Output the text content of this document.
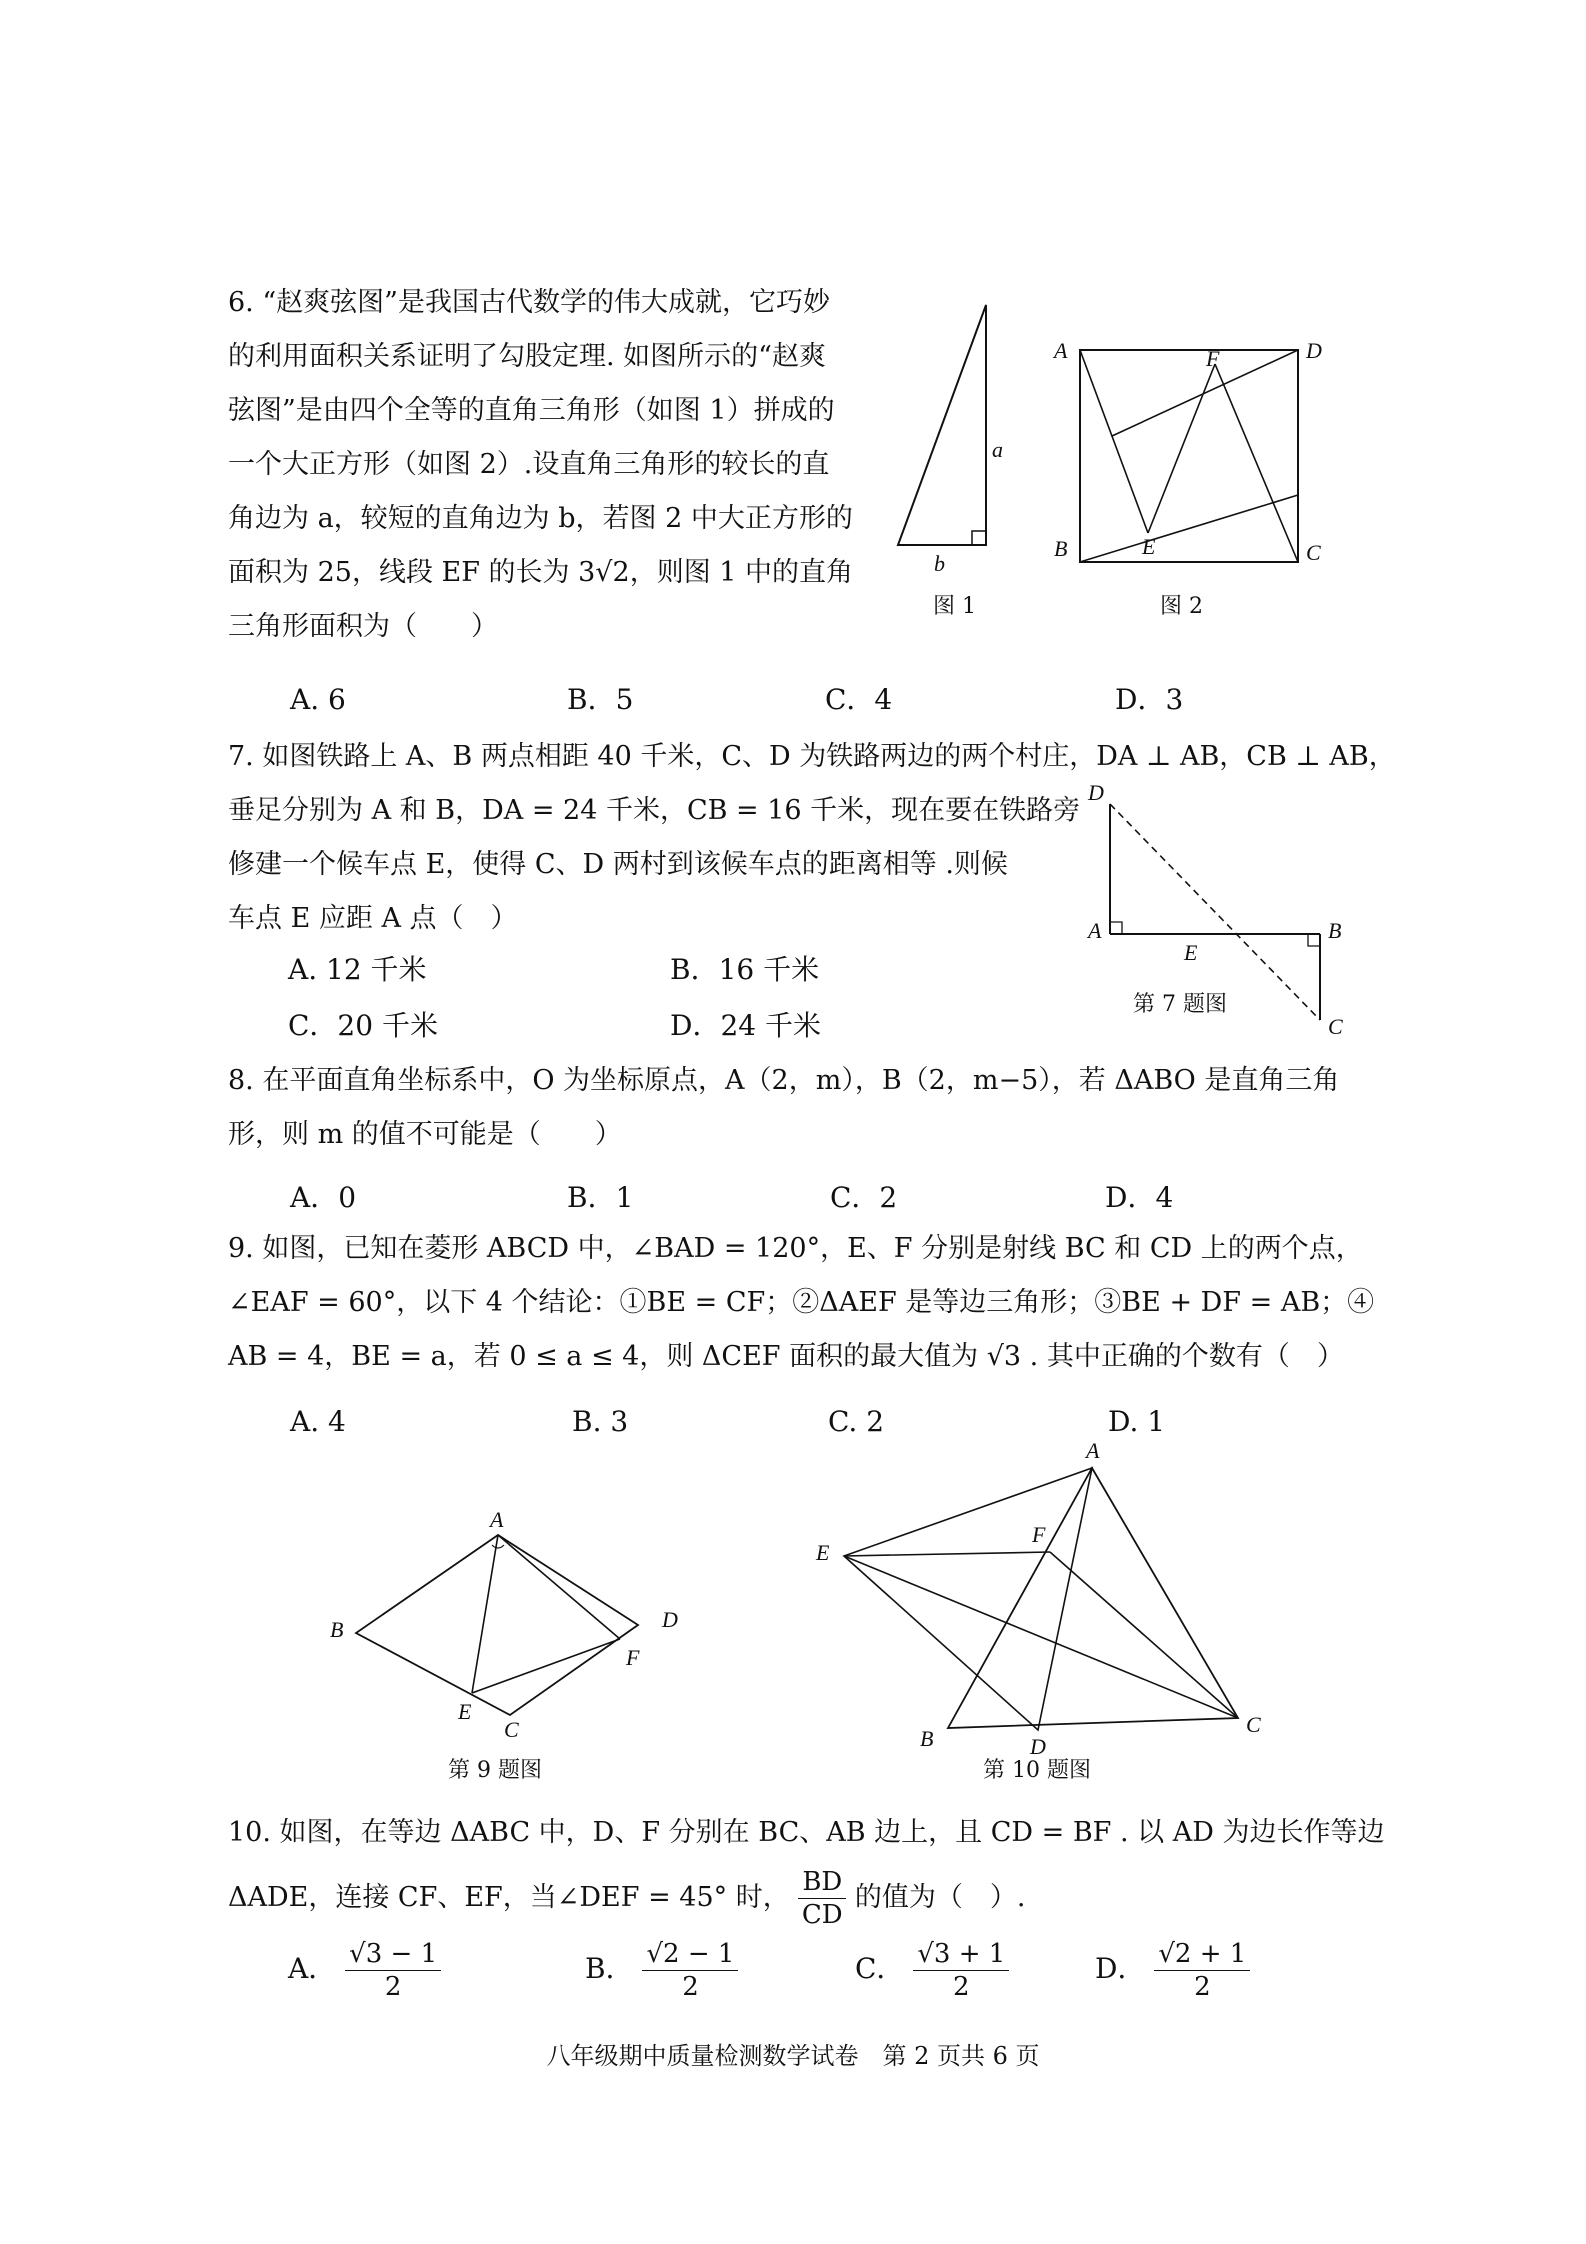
6. “赵爽弦图”是我国古代数学的伟大成就，它巧妙
的利用面积关系证明了勾股定理. 如图所示的“赵爽
弦图”是由四个全等的直角三角形（如图 1）拼成的
一个大正方形（如图 2）.设直角三角形的较长的直
角边为 a，较短的直角边为 b，若图 2 中大正方形的
面积为 25，线段 EF 的长为 3√2，则图 1 中的直角
三角形面积为（　　）
a
b
图 1
A	D
F
B	E	C
图 2
A. 6	B．5	C．4	D．3
7. 如图铁路上 A、B 两点相距 40 千米，C、D 为铁路两边的两个村庄，DA ⊥ AB，CB ⊥ AB，
垂足分别为 A 和 B，DA = 24 千米，CB = 16 千米，现在要在铁路旁
修建一个候车点 E，使得 C、D 两村到该候车点的距离相等 .则候
车点 E 应距 A 点（　）
D
A
E
B
C
第 7 题图
A. 12 千米	B．16 千米
C．20 千米	D．24 千米
8. 在平面直角坐标系中，O 为坐标原点，A（2，m），B（2，m−5），若 ΔABO 是直角三角
形，则 m 的值不可能是（　　）
A．0	B．1	C．2	D．4
9. 如图，已知在菱形 ABCD 中，∠BAD = 120°，E、F 分别是射线 BC 和 CD 上的两个点，
∠EAF = 60°，以下 4 个结论：①BE = CF；②ΔAEF 是等边三角形；③BE + DF = AB；④
AB = 4，BE = a，若 0 ≤ a ≤ 4，则 ΔCEF 面积的最大值为 √3 . 其中正确的个数有（　）
A. 4	B. 3	C. 2	D. 1
A
B	D
F
E
C
第 9 题图
A
E
F
B	D
C
第 10 题图
10. 如图，在等边 ΔABC 中，D、F 分别在 BC、AB 边上，且 CD = BF . 以 AD 为边长作等边
ΔADE，连接 CF、EF，当∠DEF = 45° 时， $\frac{BD}{CD}$ 的值为（　）.
A． $\frac{√3 - 1}{2}$	B． $\frac{√2 - 1}{2}$	C． $\frac{√3 + 1}{2}$	D． $\frac{√2 + 1}{2}$
八年级期中质量检测数学试卷　第 2 页共 6 页
